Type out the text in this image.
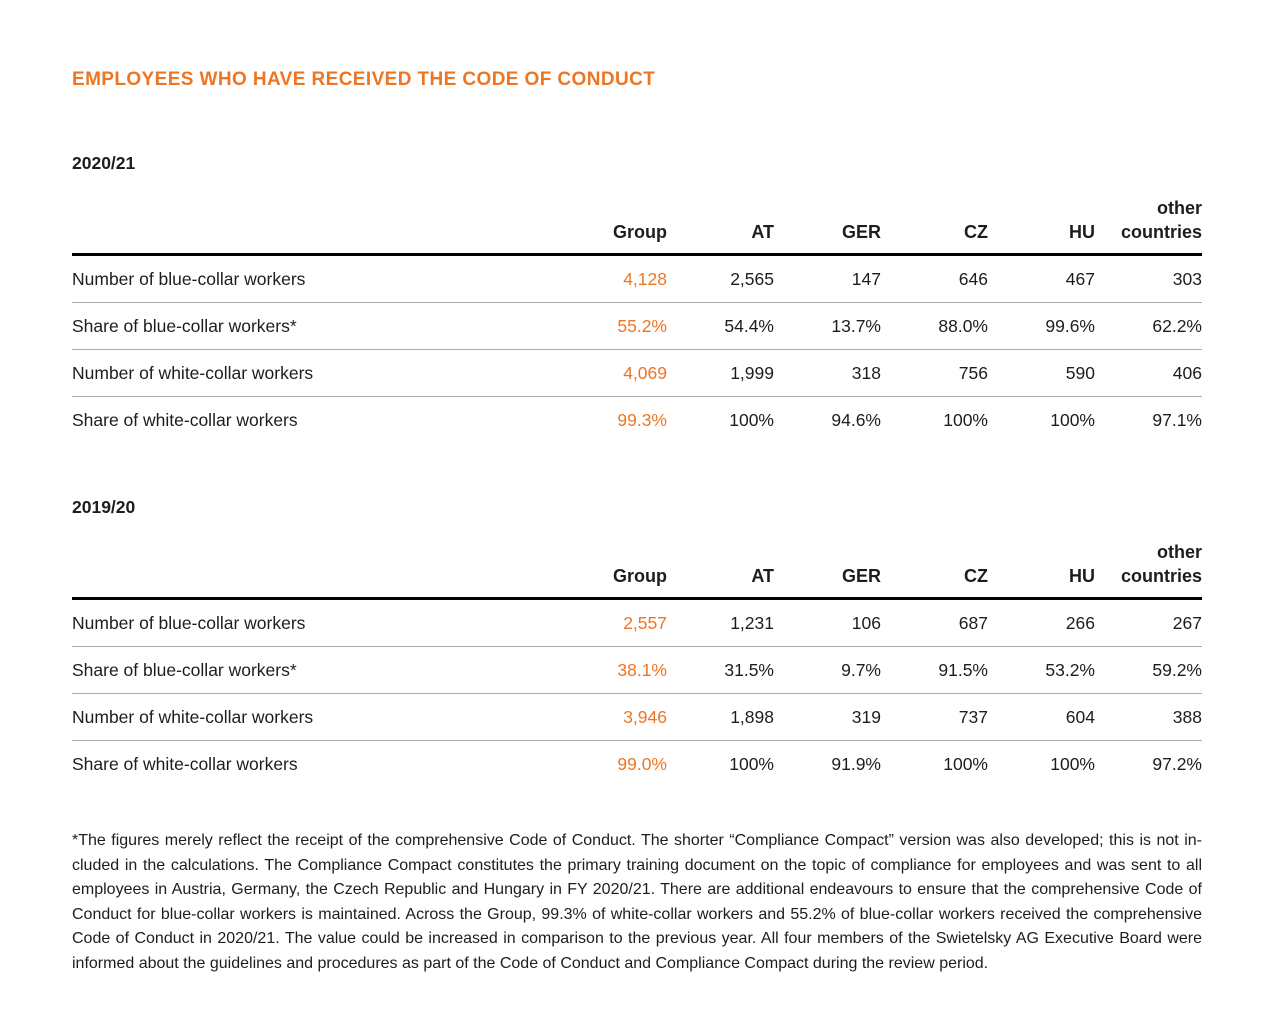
EMPLOYEES WHO HAVE RECEIVED THE CODE OF CONDUCT
2020/21
	Group	AT	GER	CZ	HU	other countries
Number of blue-collar workers	4,128	2,565	147	646	467	303
Share of blue-collar workers*	55.2%	54.4%	13.7%	88.0%	99.6%	62.2%
Number of white-collar workers	4,069	1,999	318	756	590	406
Share of white-collar workers	99.3%	100%	94.6%	100%	100%	97.1%
2019/20
	Group	AT	GER	CZ	HU	other countries
Number of blue-collar workers	2,557	1,231	106	687	266	267
Share of blue-collar workers*	38.1%	31.5%	9.7%	91.5%	53.2%	59.2%
Number of white-collar workers	3,946	1,898	319	737	604	388
Share of white-collar workers	99.0%	100%	91.9%	100%	100%	97.2%
*The figures merely reflect the receipt of the comprehensive Code of Conduct. The shorter “Compliance Compact” version was also developed; this is not in-
cluded in the calculations. The Compliance Compact constitutes the primary training document on the topic of compliance for employees and was sent to all
employees in Austria, Germany, the Czech Republic and Hungary in FY 2020/21. There are additional endeavours to ensure that the comprehensive Code of
Conduct for blue-collar workers is maintained. Across the Group, 99.3% of white-collar workers and 55.2% of blue-collar workers received the comprehensive
Code of Conduct in 2020/21. The value could be increased in comparison to the previous year. All four members of the Swietelsky AG Executive Board were
informed about the guidelines and procedures as part of the Code of Conduct and Compliance Compact during the review period.
